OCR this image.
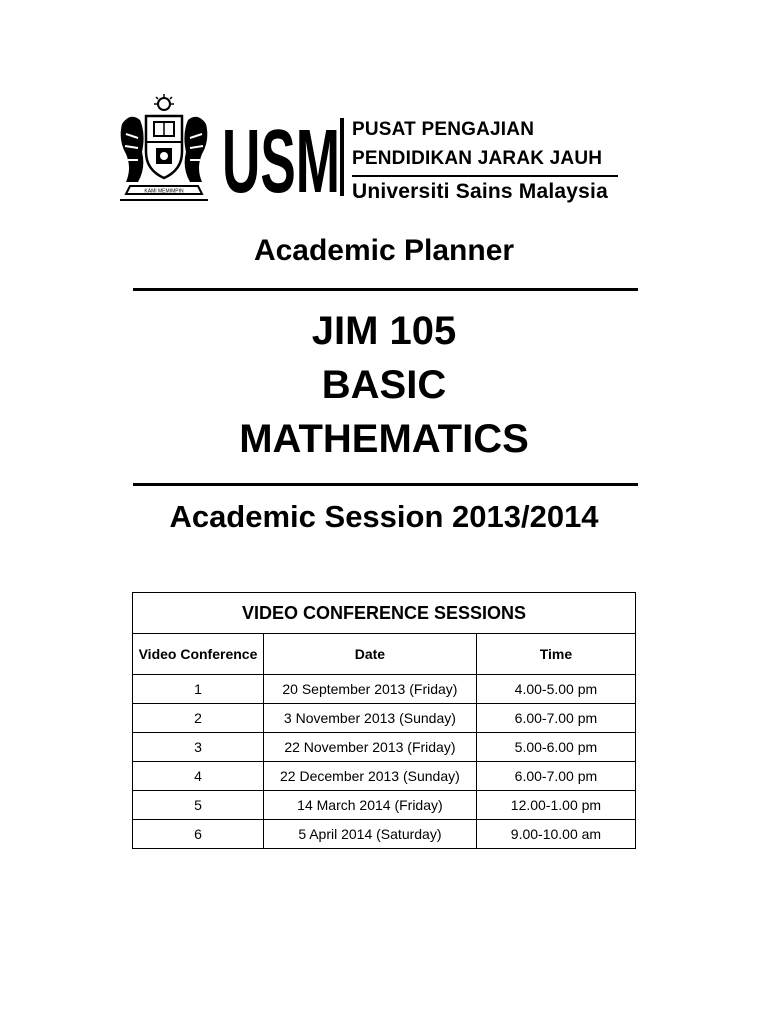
KAMI MEMIMPIN USM PUSAT PENGAJIAN
PENDIDIKAN JARAK JAUH
Universiti Sains Malaysia
Academic Planner
JIM 105
BASIC
MATHEMATICS
Academic Session 2013/2014
VIDEO CONFERENCE SESSIONS		
Video Conference	Date	Time
1	20 September 2013 (Friday)	4.00-5.00 pm
2	3 November 2013 (Sunday)	6.00-7.00 pm
3	22 November 2013 (Friday)	5.00-6.00 pm
4	22 December 2013 (Sunday)	6.00-7.00 pm
5	14 March 2014 (Friday)	12.00-1.00 pm
6	5 April 2014 (Saturday)	9.00-10.00 am
